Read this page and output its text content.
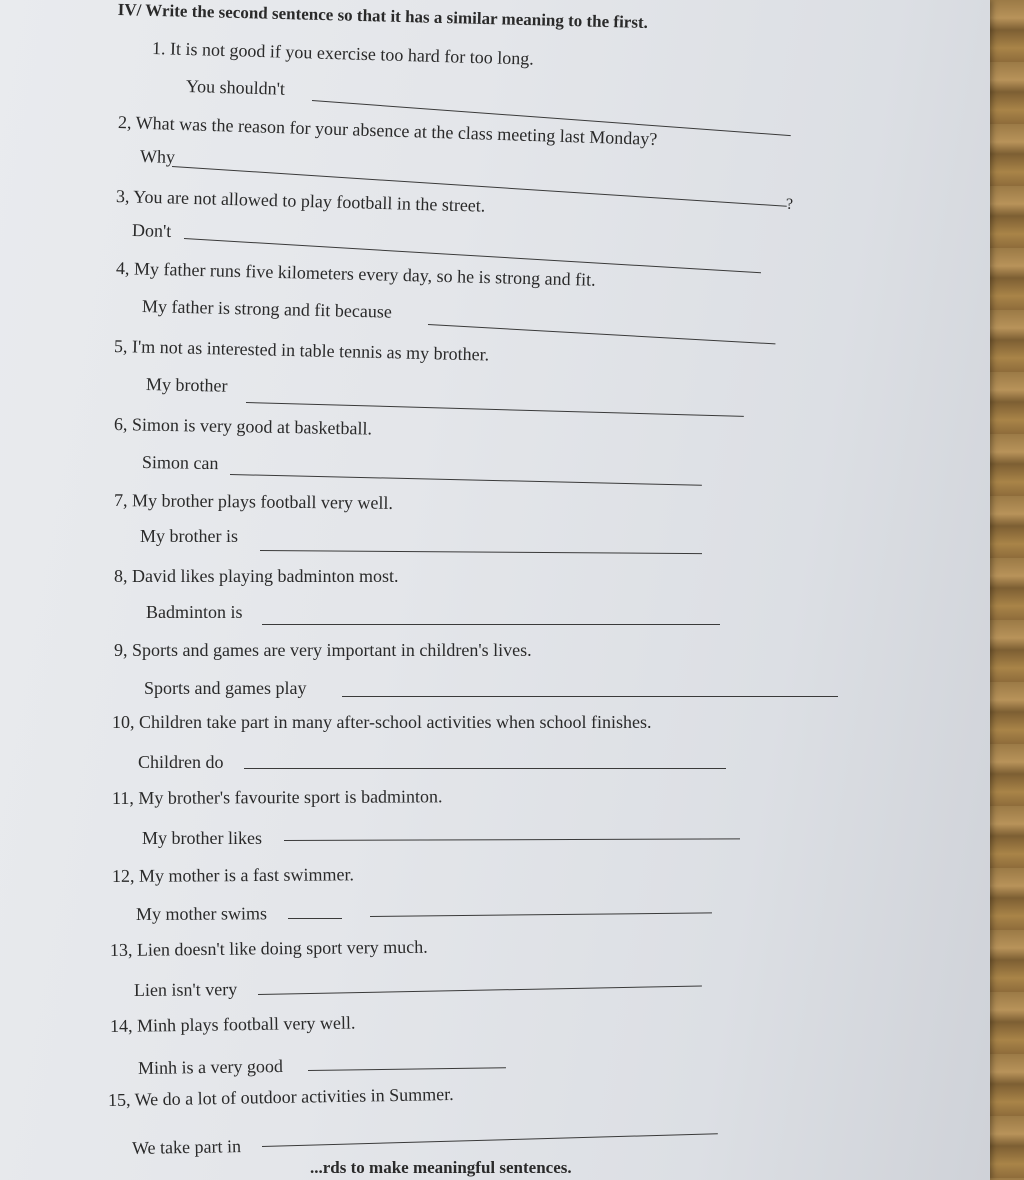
IV/ Write the second sentence so that it has a similar meaning to the first.
1. It is not good if you exercise too hard for too long.
You shouldn't
2, What was the reason for your absence at the class meeting last Monday?
Why
?
3, You are not allowed to play football in the street.
Don't
4, My father runs five kilometers every day, so he is strong and fit.
My father is strong and fit because
5, I'm not as interested in table tennis as my brother.
My brother
6, Simon is very good at basketball.
Simon can
7, My brother plays football very well.
My brother is
8, David likes playing badminton most.
Badminton is
9, Sports and games are very important in children's lives.
Sports and games play
10, Children take part in many after-school activities when school finishes.
Children do
11, My brother's favourite sport is badminton.
My brother likes
12, My mother is a fast swimmer.
My mother swims
13, Lien doesn't like doing sport very much.
Lien isn't very
14, Minh plays football very well.
Minh is a very good
15, We do a lot of outdoor activities in Summer.
We take part in
...rds to make meaningful sentences.
